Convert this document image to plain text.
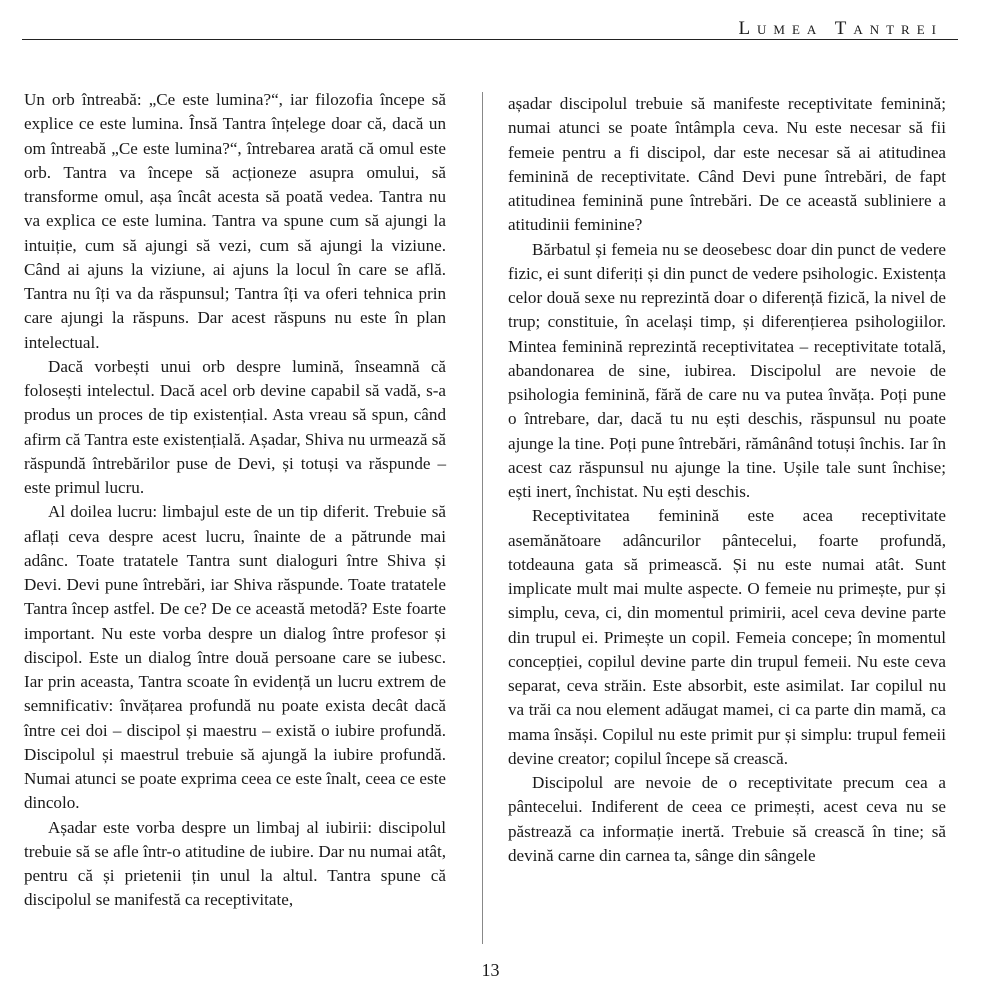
Lumea Tantrei

Un orb întreabă: „Ce este lumina?“, iar filozofia începe să explice ce este lumina. Însă Tantra înțelege doar că, dacă un om întreabă „Ce este lumina?“, întrebarea arată că omul este orb. Tantra va începe să acționeze asupra omului, să transforme omul, așa încât acesta să poată vedea. Tantra nu va explica ce este lumina. Tantra va spune cum să ajungi la intuiție, cum să ajungi să vezi, cum să ajungi la viziune. Când ai ajuns la viziune, ai ajuns la locul în care se află. Tantra nu îți va da răspunsul; Tantra îți va oferi tehnica prin care ajungi la răspuns. Dar acest răspuns nu este în plan intelectual.

Dacă vorbești unui orb despre lumină, înseamnă că folosești intelectul. Dacă acel orb devine capabil să vadă, s-a produs un proces de tip existențial. Asta vreau să spun, când afirm că Tantra este existențială. Așadar, Shiva nu urmează să răspundă întrebărilor puse de Devi, și totuși va răspunde – este primul lucru.

Al doilea lucru: limbajul este de un tip diferit. Trebuie să aflați ceva despre acest lucru, înainte de a pătrunde mai adânc. Toate tratatele Tantra sunt dialoguri între Shiva și Devi. Devi pune întrebări, iar Shiva răspunde. Toate tratatele Tantra încep astfel. De ce? De ce această metodă? Este foarte important. Nu este vorba despre un dialog între profesor și discipol. Este un dialog între două persoane care se iubesc. Iar prin aceasta, Tantra scoate în evidență un lucru extrem de semnificativ: învățarea profundă nu poate exista decât dacă între cei doi – discipol și maestru – există o iubire profundă. Discipolul și maestrul trebuie să ajungă la iubire profundă. Numai atunci se poate exprima ceea ce este înalt, ceea ce este dincolo.

Așadar este vorba despre un limbaj al iubirii: discipolul trebuie să se afle într-o atitudine de iubire. Dar nu numai atât, pentru că și prietenii țin unul la altul. Tantra spune că discipolul se manifestă ca receptivitate,

așadar discipolul trebuie să manifeste receptivitate feminină; numai atunci se poate întâmpla ceva. Nu este necesar să fii femeie pentru a fi discipol, dar este necesar să ai atitudinea feminină de receptivitate. Când Devi pune întrebări, de fapt atitudinea feminină pune întrebări. De ce această subliniere a atitudinii feminine?

Bărbatul și femeia nu se deosebesc doar din punct de vedere fizic, ei sunt diferiți și din punct de vedere psihologic. Existența celor două sexe nu reprezintă doar o diferență fizică, la nivel de trup; constituie, în același timp, și diferențierea psihologiilor. Mintea feminină reprezintă receptivitatea – receptivitate totală, abandonarea de sine, iubirea. Discipolul are nevoie de psihologia feminină, fără de care nu va putea învăța. Poți pune o întrebare, dar, dacă tu nu ești deschis, răspunsul nu poate ajunge la tine. Poți pune întrebări, rămânând totuși închis. Iar în acest caz răspunsul nu ajunge la tine. Ușile tale sunt închise; ești inert, închistat. Nu ești deschis.

Receptivitatea feminină este acea receptivitate asemănătoare adâncurilor pântecelui, foarte profundă, totdeauna gata să primească. Și nu este numai atât. Sunt implicate mult mai multe aspecte. O femeie nu primește, pur și simplu, ceva, ci, din momentul primirii, acel ceva devine parte din trupul ei. Primește un copil. Femeia concepe; în momentul concepției, copilul devine parte din trupul femeii. Nu este ceva separat, ceva străin. Este absorbit, este asimilat. Iar copilul nu va trăi ca nou element adăugat mamei, ci ca parte din mamă, ca mama însăși. Copilul nu este primit pur și simplu: trupul femeii devine creator; copilul începe să crească.

Discipolul are nevoie de o receptivitate precum cea a pântecelui. Indiferent de ceea ce primești, acest ceva nu se păstrează ca informație inertă. Trebuie să crească în tine; să devină carne din carnea ta, sânge din sângele

13
